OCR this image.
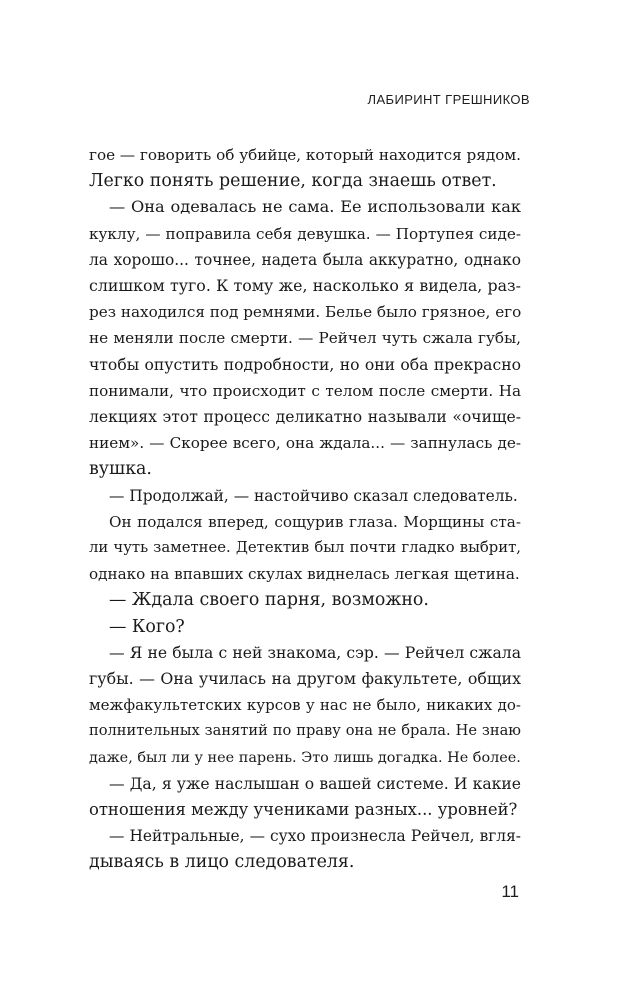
ЛАБИРИНТ ГРЕШНИКОВ
гое — говорить об убийце, который находится рядом.
Легко понять решение, когда знаешь ответ.
— Она одевалась не сама. Ее использовали как
куклу, — поправила себя девушка. — Портупея сиде-
ла хорошо... точнее, надета была аккуратно, однако
слишком туго. К тому же, насколько я видела, раз-
рез находился под ремнями. Белье было грязное, его
не меняли после смерти. — Рейчел чуть сжала губы,
чтобы опустить подробности, но они оба прекрасно
понимали, что происходит с телом после смерти. На
лекциях этот процесс деликатно называли «очище-
нием». — Скорее всего, она ждала... — запнулась де-
вушка.
— Продолжай, — настойчиво сказал следователь.
Он подался вперед, сощурив глаза. Морщины ста-
ли чуть заметнее. Детектив был почти гладко выбрит,
однако на впавших скулах виднелась легкая щетина.
— Ждала своего парня, возможно.
— Кого?
— Я не была с ней знакома, сэр. — Рейчел сжала
губы. — Она училась на другом факультете, общих
межфакультетских курсов у нас не было, никаких до-
полнительных занятий по праву она не брала. Не знаю
даже, был ли у нее парень. Это лишь догадка. Не более.
— Да, я уже наслышан о вашей системе. И какие
отношения между учениками разных... уровней?
— Нейтральные, — сухо произнесла Рейчел, вгля-
дываясь в лицо следователя.
11
